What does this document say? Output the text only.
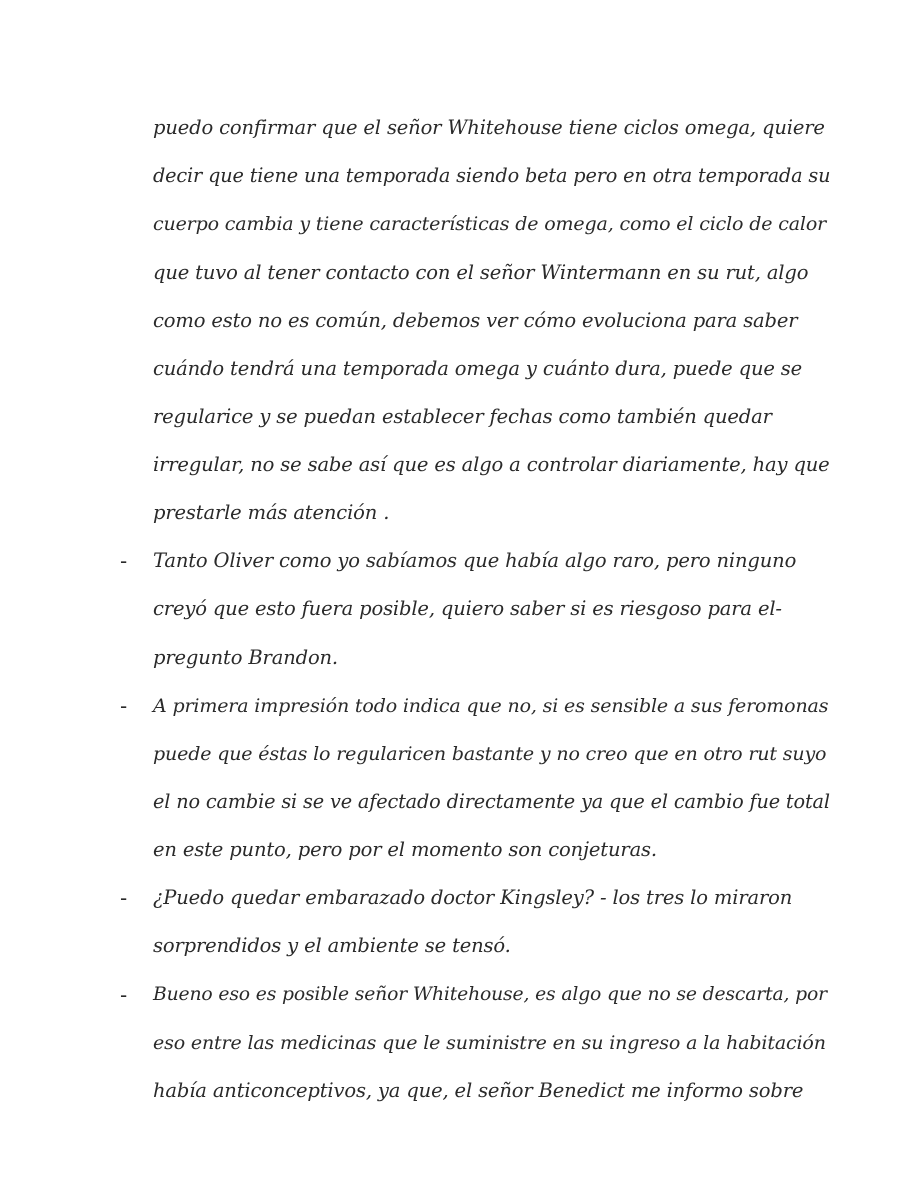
puedo confirmar que el señor Whitehouse tiene ciclos omega, quiere
decir que tiene una temporada siendo beta pero en otra temporada su
cuerpo cambia y tiene características de omega, como el ciclo de calor
que tuvo al tener contacto con el señor Wintermann en su rut, algo
como esto no es común, debemos ver cómo evoluciona para saber
cuándo tendrá una temporada omega y cuánto dura, puede que se
regularice y se puedan establecer fechas como también quedar
irregular, no se sabe así que es algo a controlar diariamente, hay que
prestarle más atención .
- Tanto Oliver como yo sabíamos que había algo raro, pero ninguno
creyó que esto fuera posible, quiero saber si es riesgoso para el-
pregunto Brandon.
- A primera impresión todo indica que no, si es sensible a sus feromonas
puede que éstas lo regularicen bastante y no creo que en otro rut suyo
el no cambie si se ve afectado directamente ya que el cambio fue total
en este punto, pero por el momento son conjeturas.
- ¿Puedo quedar embarazado doctor Kingsley? - los tres lo miraron
sorprendidos y el ambiente se tensó.
- Bueno eso es posible señor Whitehouse, es algo que no se descarta, por
eso entre las medicinas que le suministre en su ingreso a la habitación
había anticonceptivos, ya que, el señor Benedict me informo sobre
